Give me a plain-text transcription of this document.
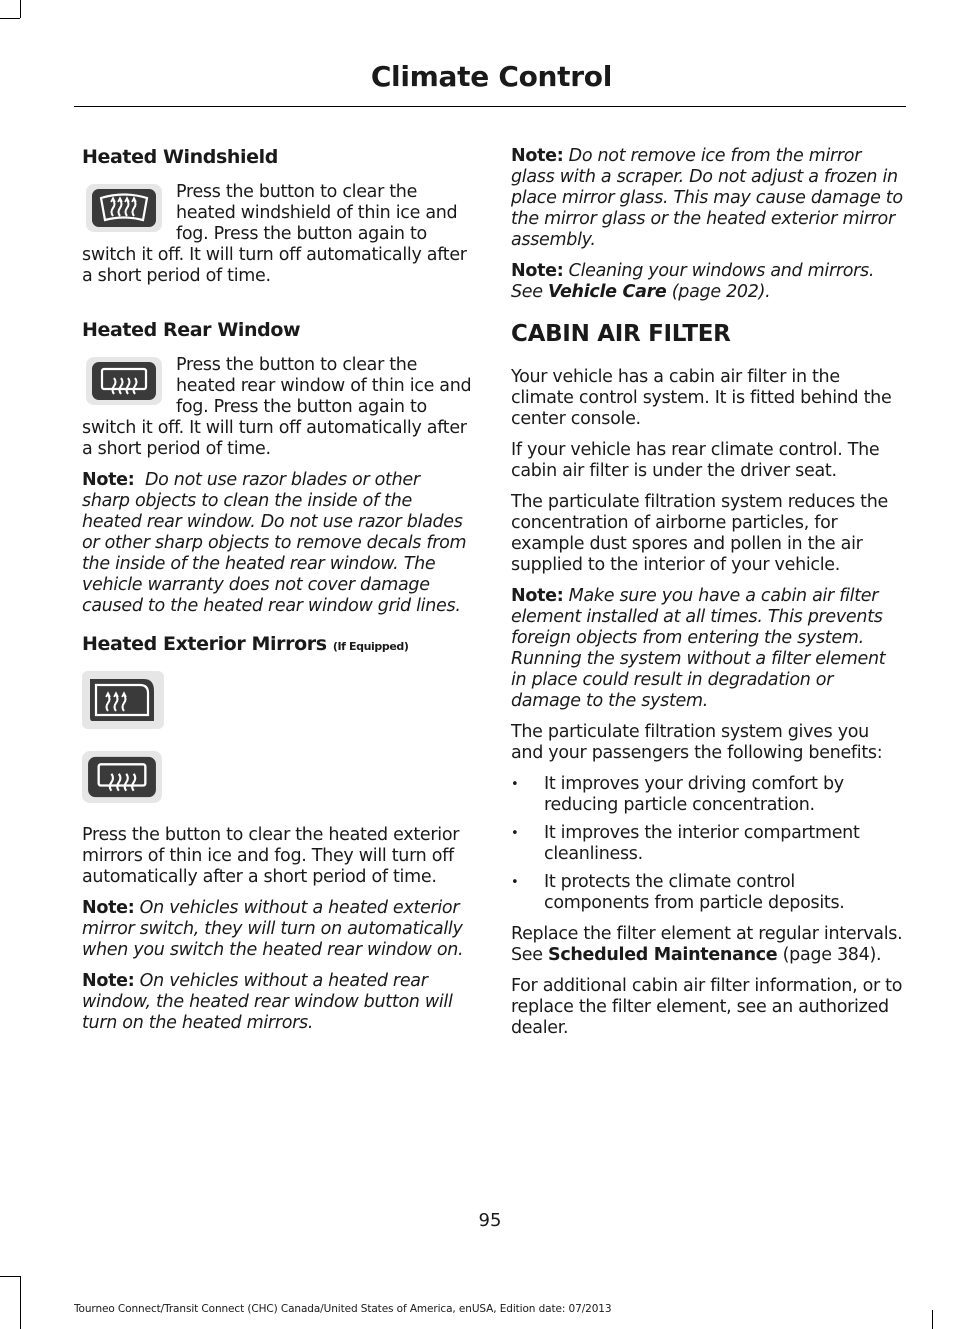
Climate Control
Heated Windshield

Press the button to clear the heated windshield of thin ice and fog. Press the button again to switch it off. It will turn off automatically after a short period of time.

Heated Rear Window

Press the button to clear the heated rear window of thin ice and fog. Press the button again to switch it off. It will turn off automatically after a short period of time.

Note: Do not use razor blades or other sharp objects to clean the inside of the heated rear window. Do not use razor blades or other sharp objects to remove decals from the inside of the heated rear window. The vehicle warranty does not cover damage caused to the heated rear window grid lines.

Heated Exterior Mirrors (If Equipped)

Press the button to clear the heated exterior mirrors of thin ice and fog. They will turn off automatically after a short period of time.

Note: On vehicles without a heated exterior mirror switch, they will turn on automatically when you switch the heated rear window on.

Note: On vehicles without a heated rear window, the heated rear window button will turn on the heated mirrors.

Note: Do not remove ice from the mirror glass with a scraper. Do not adjust a frozen in place mirror glass. This may cause damage to the mirror glass or the heated exterior mirror assembly.

Note: Cleaning your windows and mirrors. See Vehicle Care (page 202).

CABIN AIR FILTER

Your vehicle has a cabin air filter in the climate control system. It is fitted behind the center console.

If your vehicle has rear climate control. The cabin air filter is under the driver seat.

The particulate filtration system reduces the concentration of airborne particles, for example dust spores and pollen in the air supplied to the interior of your vehicle.

Note: Make sure you have a cabin air filter element installed at all times. This prevents foreign objects from entering the system. Running the system without a filter element in place could result in degradation or damage to the system.

The particulate filtration system gives you and your passengers the following benefits:

• It improves your driving comfort by reducing particle concentration.
• It improves the interior compartment cleanliness.
• It protects the climate control components from particle deposits.

Replace the filter element at regular intervals. See Scheduled Maintenance (page 384).

For additional cabin air filter information, or to replace the filter element, see an authorized dealer.

95
Tourneo Connect/Transit Connect (CHC) Canada/United States of America, enUSA, Edition date: 07/2013
